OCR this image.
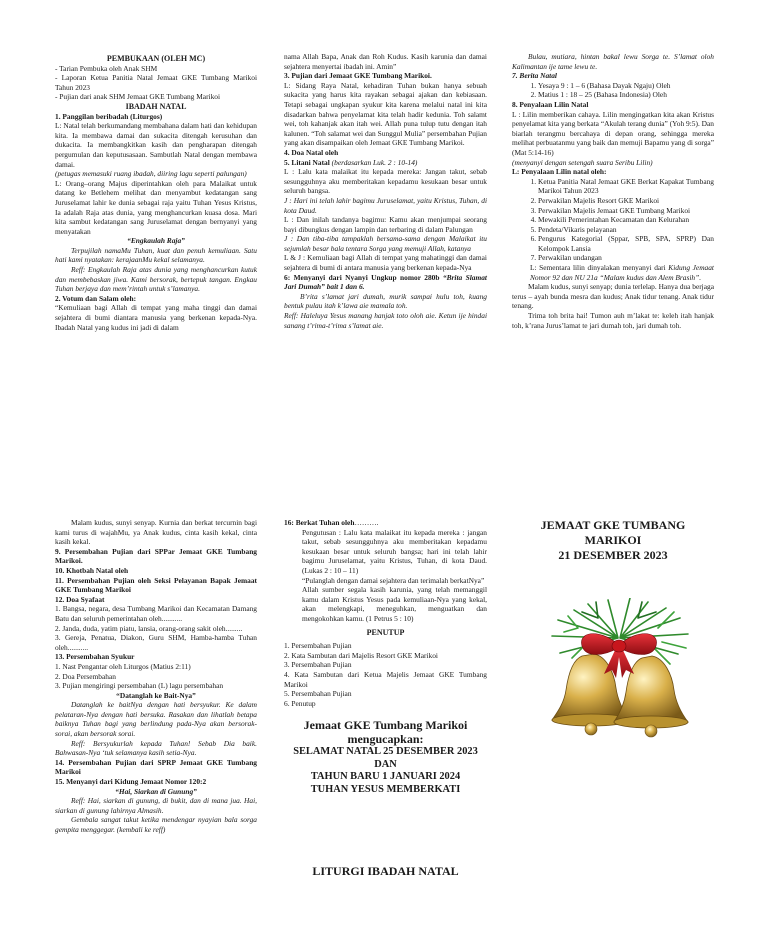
PEMBUKAAN (OLEH MC)

- Tarian Pembuka oleh Anak SHM

- Laporan Ketua Panitia Natal Jemaat GKE Tumbang Marikoi Tahun 2023

- Pujian dari anak SHM Jemaat GKE Tumbang Marikoi

IBADAH NATAL

1. Panggilan beribadah (Liturgos)

L: Natal telah berkumandang membahana dalam hati dan kehidupan kita. Ia membawa damai dan sukacita ditengah kerusuhan dan dukacita. Ia membangkitkan kasih dan pengharapan ditengah pergumulan dan keputusasaan. Sambutlah Natal dengan membawa damai.

(petugas memasuki ruang ibadah, diiring lagu seperti palungan)

L: Orang–orang Majus diperintahkan oleh para Malaikat untuk datang ke Betlehem melihat dan menyambut kedatangan sang Juruselamat lahir ke dunia sebagai raja yaitu Tuhan Yesus Kristus, Ia adalah Raja atas dunia, yang menghancurkan kuasa dosa. Mari kita sambut kedatangan sang Juruselamat dengan bernyanyi yang menyatakan

“Engkaulah Raja”

Terpujilah namaMu Tuhan, kuat dan penuh kemuliaan. Satu hati kami nyatakan: kerajaanMu kekal selamanya.

Reff: Engkaulah Raja atas dunia yang menghancurkan kutuk dan membebaskan jiwa. Kami bersorak, bertepuk tangan. Engkau Tuhan berjaya dan mem’rintah untuk s’lamanya.

2. Votum dan Salam oleh:

“Kemuliaan bagi Allah di tempat yang maha tinggi dan damai sejahtera di bumi diantara manusia yang berkenan kepada-Nya. Ibadah Natal yang kudus ini jadi di dalam

nama Allah Bapa, Anak dan Roh Kudus. Kasih karunia dan damai sejahtera menyertai ibadah ini. Amin”

3. Pujian dari Jemaat GKE Tumbang Marikoi.

L: Sidang Raya Natal, kehadiran Tuhan bukan hanya sebuah sukacita yang harus kita rayakan sebagai ajakan dan kebiasaan. Tetapi sebagai ungkapan syukur kita karena melalui natal ini kita disadarkan bahwa penyelamat kita telah hadir kedunia. Toh salamt wei, toh kahanjak akan itah wei. Allah puna tulup tutu dengan itah kalunen. “Toh salamat wei dan Sunggul Mulia” persembahan Pujian yang akan disampaikan oleh Jemaat GKE Tumbang Marikoi.

4. Doa Natal oleh

5. Litani Natal (berdasarkan Luk. 2 : 10-14)

L : Lalu kata malaikat itu kepada mereka: Jangan takut, sebab sesungguhnya aku memberitakan kepadamu kesukaan besar untuk seluruh bangsa.

J : Hari ini telah lahir bagimu Juruselamat, yaitu Kristus, Tuhan, di kota Daud.

L : Dan inilah tandanya bagimu: Kamu akan menjumpai seorang bayi dibungkus dengan lampin dan terbaring di dalam Palungan

J : Dan tiba-tiba tampaklah bersama-sama dengan Malaikat itu sejumlah besar bala tentara Sorga yang memuji Allah, katanya

L & J : Kemuliaan bagi Allah di tempat yang mahatinggi dan damai sejahtera di bumi di antara manusia yang berkenan kepada-Nya

6: Menyanyi dari Nyanyi Ungkup nomor 280b “Brita Slamat Jari Dumah” bait 1 dan 6.

B’rita s’lamat jari dumah, murik sampai hulu toh, kuang bentuk pulau itah k’lawa aie mamala toh.

Reff: Haleluya Yesus manang hanjak toto oloh aie. Ketun ije hindai sanang t’rima-t’rima s’lamat aie.

Bulau, mutiara, hintan bakal lewu Sorga te. S’lamat oloh Kalimantan ije tame lewu te.

7. Berita Natal

1. Yesaya 9 : 1 – 6 (Bahasa Dayak Ngaju) Oleh
2. Matius 1 : 18 – 25 (Bahasa Indonesia) Oleh

8. Penyalaan Lilin Natal

L : Lilin memberikan cahaya. Lilin mengingatkan kita akan Kristus penyelamat kita yang berkata “Akulah terang dunia” (Yoh 9:5). Dan biarlah terangmu bercahaya di depan orang, sehingga mereka melihat perbuatanmu yang baik dan memuji Bapamu yang di sorga” (Mat 5:14-16)

(menyanyi dengan setengah suara Seribu Lilin)

L: Penyalaan Lilin natal oleh:

1. Ketua Panitia Natal Jemaat GKE Berkat Kapakat Tumbang Marikoi Tahun 2023
2. Perwakilan Majelis Resort GKE Marikoi
3. Perwakilan Majelis Jemaat GKE Tumbang Marikoi
4. Mewakili Pemerintahan Kecamatan dan Kelurahan
5. Pendeta/Vikaris pelayanan
6. Pengurus Kategorial (Sppar, SPB, SPA, SPRP) Dan Kelompok Lansia
7. Perwakilan undangan

L: Sementara lilin dinyalakan menyanyi dari Kidung Jemaat Nomor 92 dan NU 21a “Malam kudus dan Alem Brasih”.

Malam kudus, sunyi senyap; dunia terlelap. Hanya dua berjaga terus – ayah bunda mesra dan kudus; Anak tidur tenang. Anak tidur tenang.

Trima toh brita hai! Tumon auh m’lakat te: keleh itah hanjak toh, k’rana Jurus’lamat te jari dumah toh, jari dumah toh.

Malam kudus, sunyi senyap. Kurnia dan berkat tercurnin bagi kami turus di wajahMu, ya Anak kudus, cinta kasih kekal, cinta kasih kekal.

9. Persembahan Pujian dari SPPar Jemaat GKE Tumbang Marikoi.

10. Khotbah Natal oleh

11. Persembahan Pujian oleh Seksi Pelayanan Bapak Jemaat GKE Tumbang Marikoi

12. Doa Syafaat

1. Bangsa, negara, desa Tumbang Marikoi dan Kecamatan Damang Batu dan seluruh pemerintahan oleh...........

2. Janda, duda, yatim piatu, lansia, orang-orang sakit oleh.........

3. Gereja, Penatua, Diakon, Guru SHM, Hamba-hamba Tuhan oleh...........

13. Persembahan Syukur

1. Nast Pengantar oleh Liturgos (Matius 2:11)

2. Doa Persembahan

3. Pujian mengiringi persembahan (L) lagu persembahan

“Datanglah ke Bait-Nya”

Datanglah ke baitNya dengan hati bersyukur. Ke dalam pelataran-Nya dengan hati bersuka. Rasakan dan lihatlah betapa baiknya Tuhan bagi yang berlindung pada-Nya akan bersorak-sorai, akan bersorak sorai.

Reff: Bersyukurlah kepada Tuhan! Sebab Dia baik. Bahwasan-Nya ‘tuk selamanya kasih setia-Nya.

14. Persembahan Pujian dari SPRP Jemaat GKE Tumbang Marikoi

15. Menyanyi dari Kidung Jemaat Nomor 120:2

“Hai, Siarkan di Gunung”

Reff: Hai, siarkan di gunung, di bukit, dan di mana jua. Hai, siarkan di gunung lahirnya Almasih.

Gembala sangat takut ketika mendengar nyayian bala sorga gempita menggegar. (kembali ke reff)

16: Berkat Tuhan oleh……….

Pengutusan : Lalu kata malaikat itu kepada mereka : jangan takut, sebab sesungguhnya aku memberitakan kepadamu kesukaan besar untuk seluruh bangsa; hari ini telah lahir bagimu Juruselamat, yaitu Kristus, Tuhan, di kota Daud. (Lukas 2 : 10 – 11)

“Pulanglah dengan damai sejahtera dan terimalah berkatNya”

Allah sumber segala kasih karunia, yang telah memanggil kamu dalam Kristus Yesus pada kemuliaan-Nya yang kekal, akan melengkapi, meneguhkan, menguatkan dan mengokohkan kamu. (1 Petrus 5 : 10)

PENUTUP

1. Persembahan Pujian

2. Kata Sambutan dari Majelis Resort GKE Marikoi

3. Persembahan Pujian

4. Kata Sambutan dari Ketua Majelis Jemaat GKE Tumbang Marikoi

5. Persembahan Pujian

6. Penutup

Jemaat GKE Tumbang Marikoi

mengucapkan:

SELAMAT NATAL 25 DESEMBER 2023

DAN

TAHUN BARU 1 JANUARI 2024

TUHAN YESUS MEMBERKATI

LITURGI IBADAH NATAL

JEMAAT GKE TUMBANG
MARIKOI
21 DESEMBER 2023
